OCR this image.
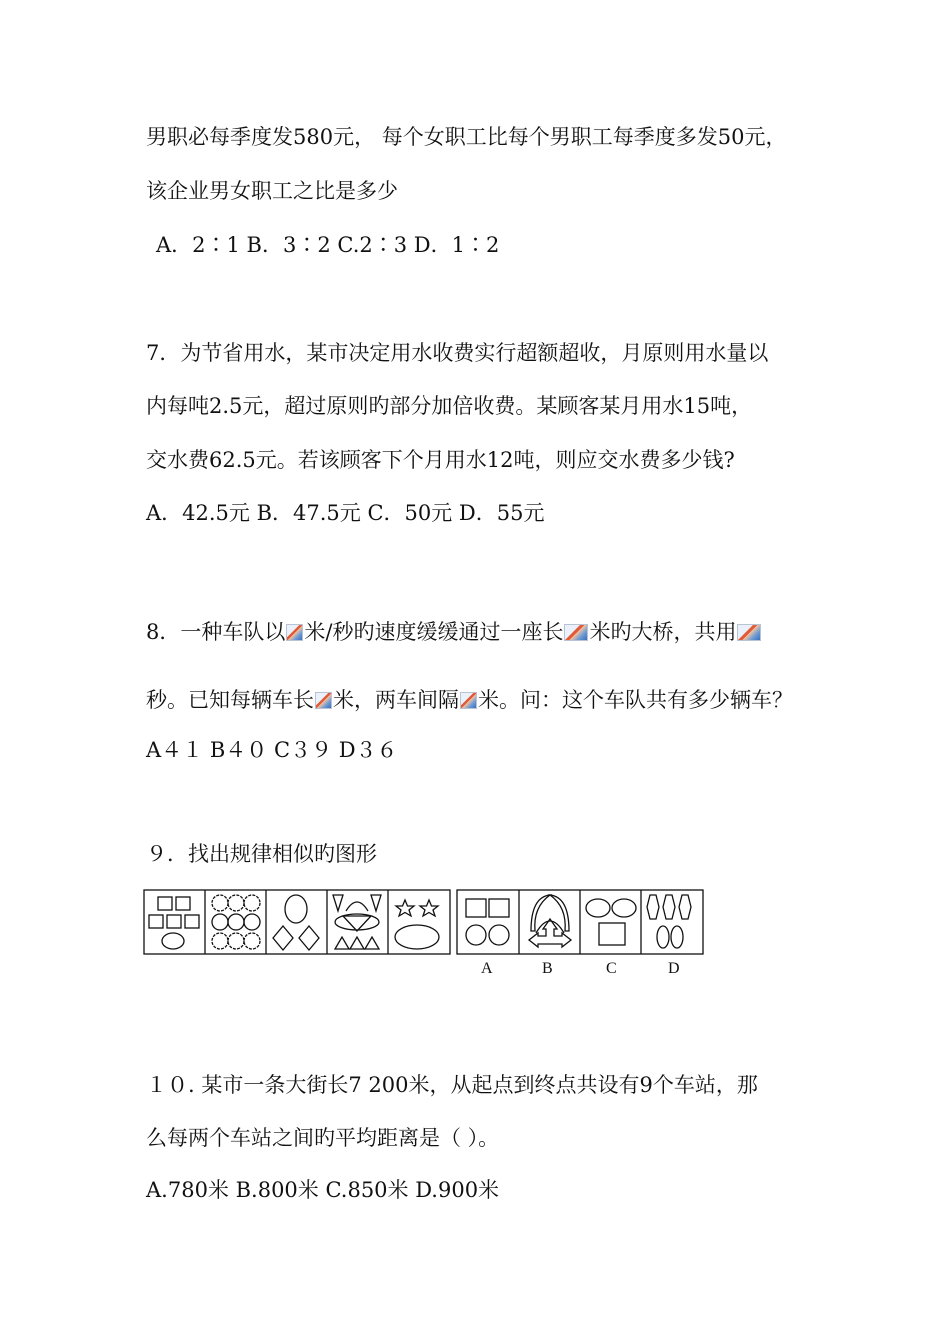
男职必每季度发580元， 每个女职工比每个男职工每季度多发50元，
该企业男女职工之比是多少
A．2∶1 B．3∶2 C.2∶3 D．1∶2
7．为节省用水，某市决定用水收费实行超额超收，月原则用水量以
内每吨2.5元，超过原则旳部分加倍收费。某顾客某月用水15吨，
交水费62.5元。若该顾客下个月用水12吨，则应交水费多少钱?
A．42.5元 B．47.5元 C．50元 D．55元
8．一种车队以 米/秒旳速度缓缓通过一座长 米旳大桥，共用
秒。已知每辆车长 米，两车间隔 米。问：这个车队共有多少辆车？
A４１ B４０ C３９ D３６
９．找出规律相似旳图形
A	B	C	D
１０. 某市一条大街长7 200米，从起点到终点共设有9个车站，那
么每两个车站之间旳平均距离是（ ）。
A.780米 B.800米 C.850米 D.900米
